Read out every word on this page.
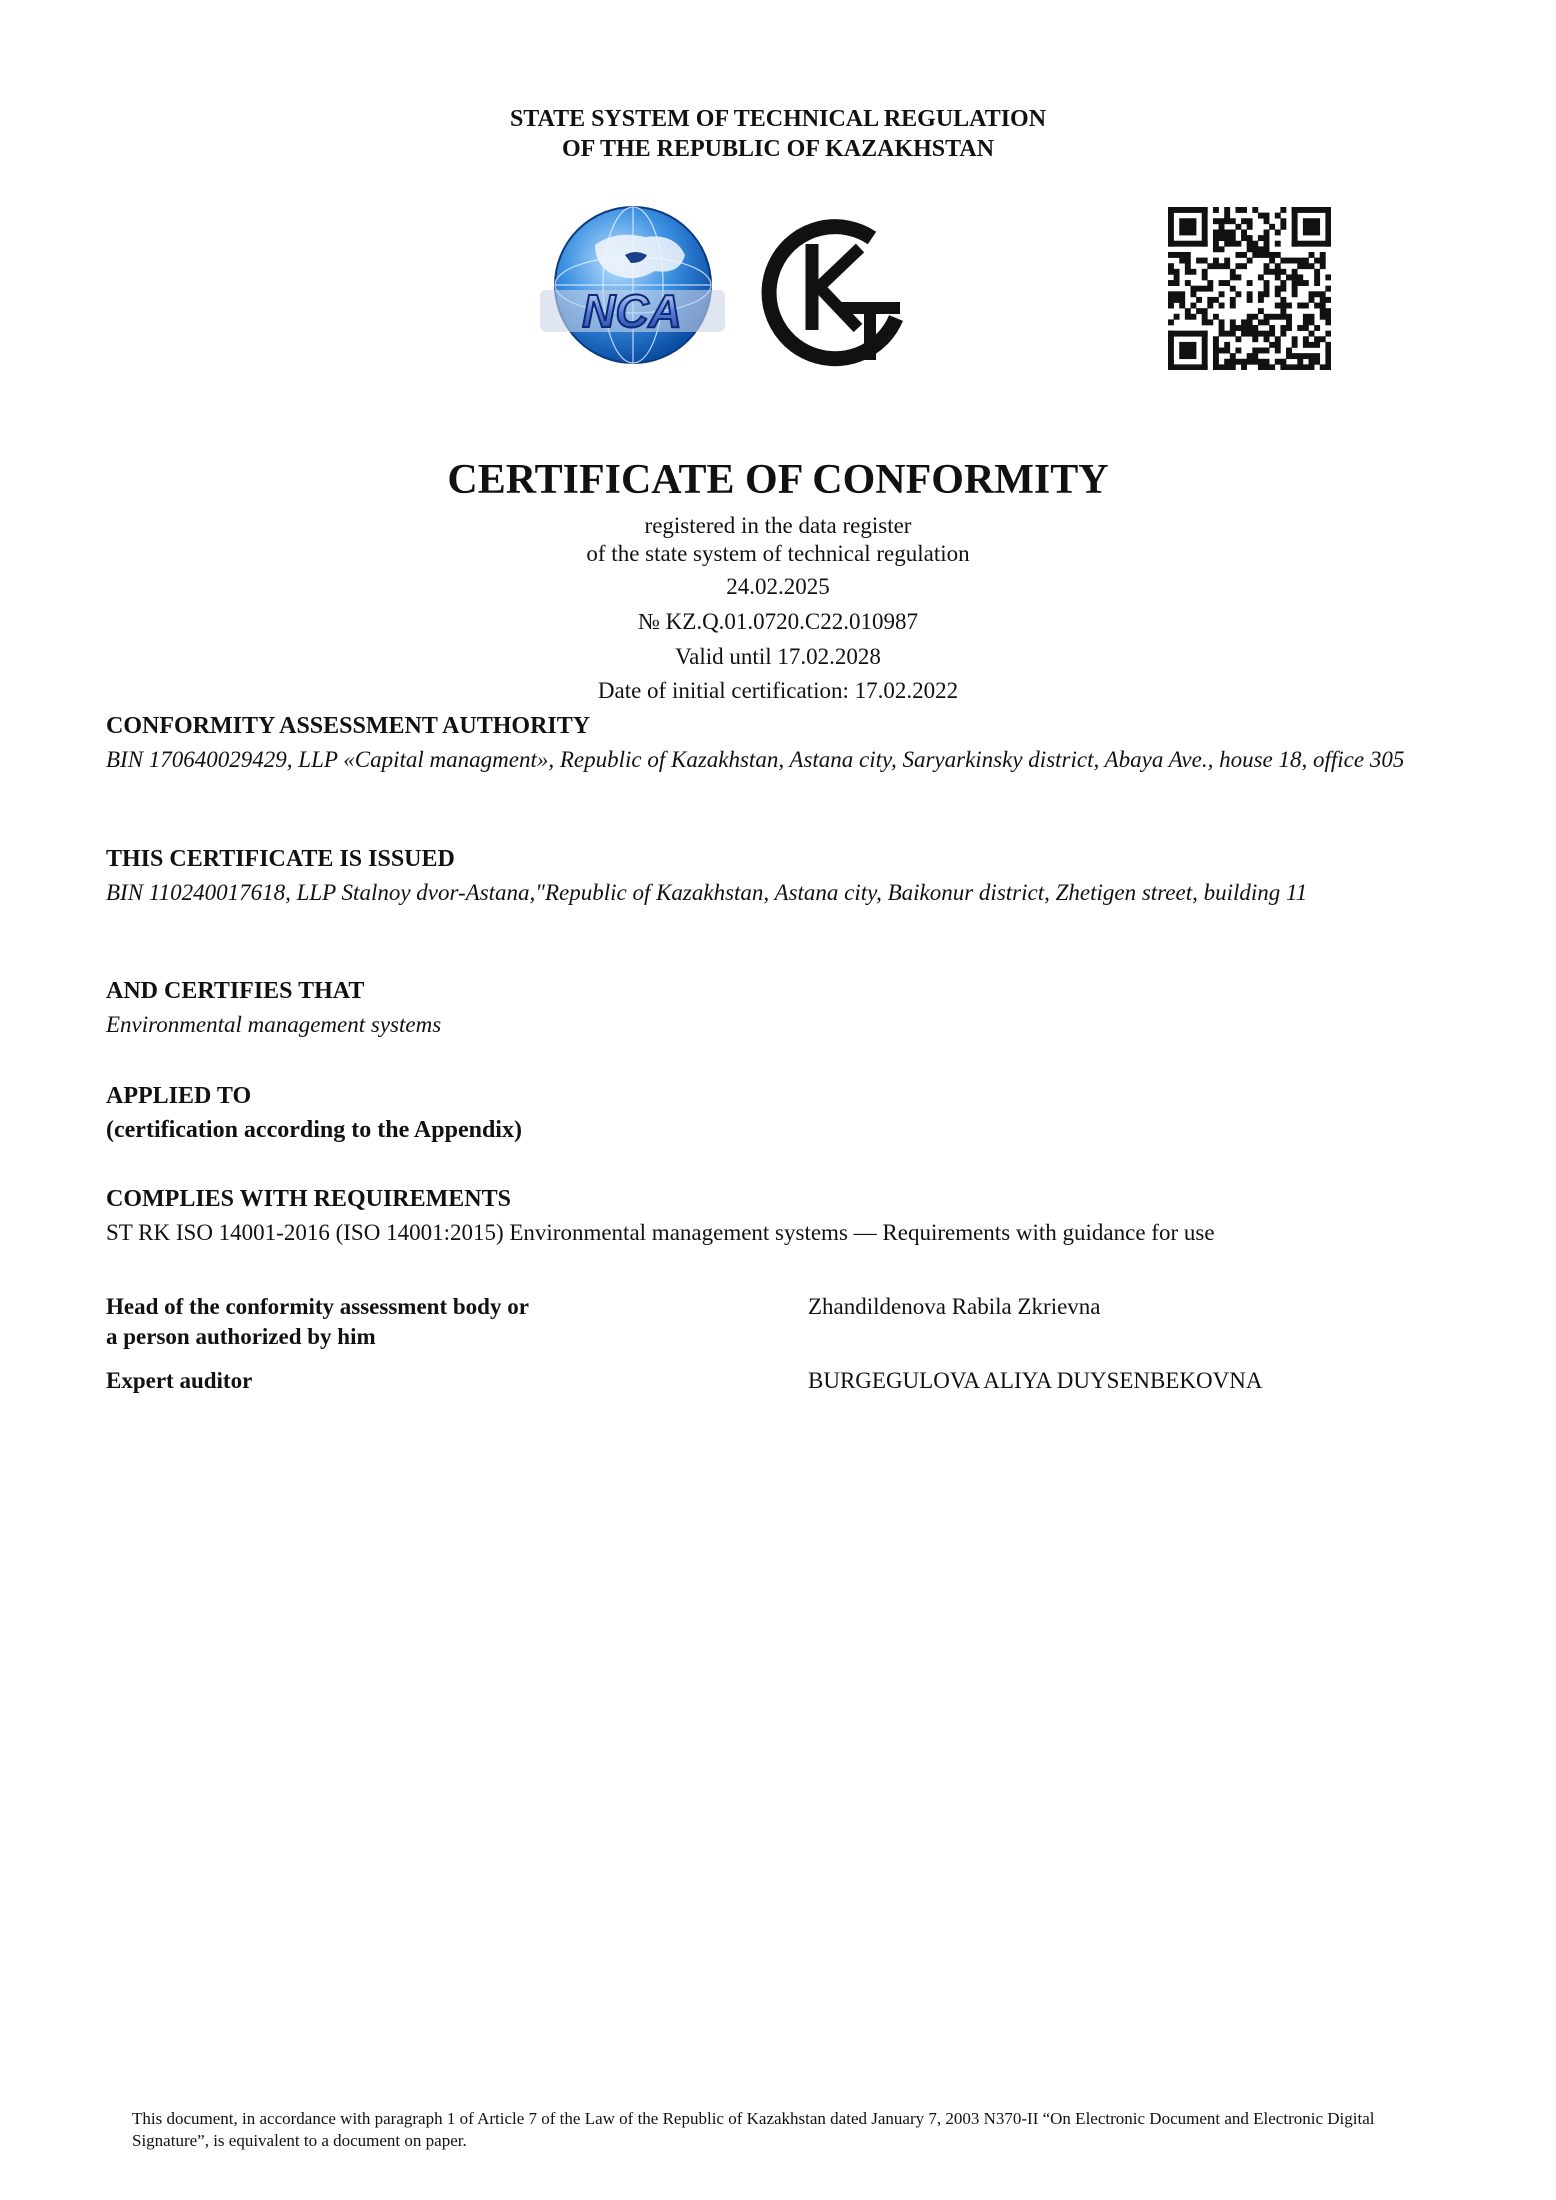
STATE SYSTEM OF TECHNICAL REGULATION
OF THE REPUBLIC OF KAZAKHSTAN
NCA
CERTIFICATE OF CONFORMITY
registered in the data register
of the state system of technical regulation
24.02.2025
№ KZ.Q.01.0720.C22.010987
Valid until 17.02.2028
Date of initial certification: 17.02.2022
CONFORMITY ASSESSMENT AUTHORITY
BIN 170640029429, LLP «Capital managment», Republic of Kazakhstan, Astana city, Saryarkinsky district, Abaya Ave., house 18, office 305
THIS CERTIFICATE IS ISSUED
BIN 110240017618, LLP Stalnoy dvor-Astana,"Republic of Kazakhstan, Astana city, Baikonur district, Zhetigen street, building 11
AND CERTIFIES THAT
Environmental management systems
APPLIED TO
(certification according to the Appendix)
COMPLIES WITH REQUIREMENTS
ST RK ISO 14001-2016 (ISO 14001:2015) Environmental management systems — Requirements with guidance for use
Head of the conformity assessment body or
a person authorized by him
Zhandildenova Rabila Zkrievna
Expert auditor	BURGEGULOVA ALIYA DUYSENBEKOVNA
This document, in accordance with paragraph 1 of Article 7 of the Law of the Republic of Kazakhstan dated January 7, 2003 N370-II “On Electronic Document and Electronic Digital Signature”, is equivalent to a document on paper.
